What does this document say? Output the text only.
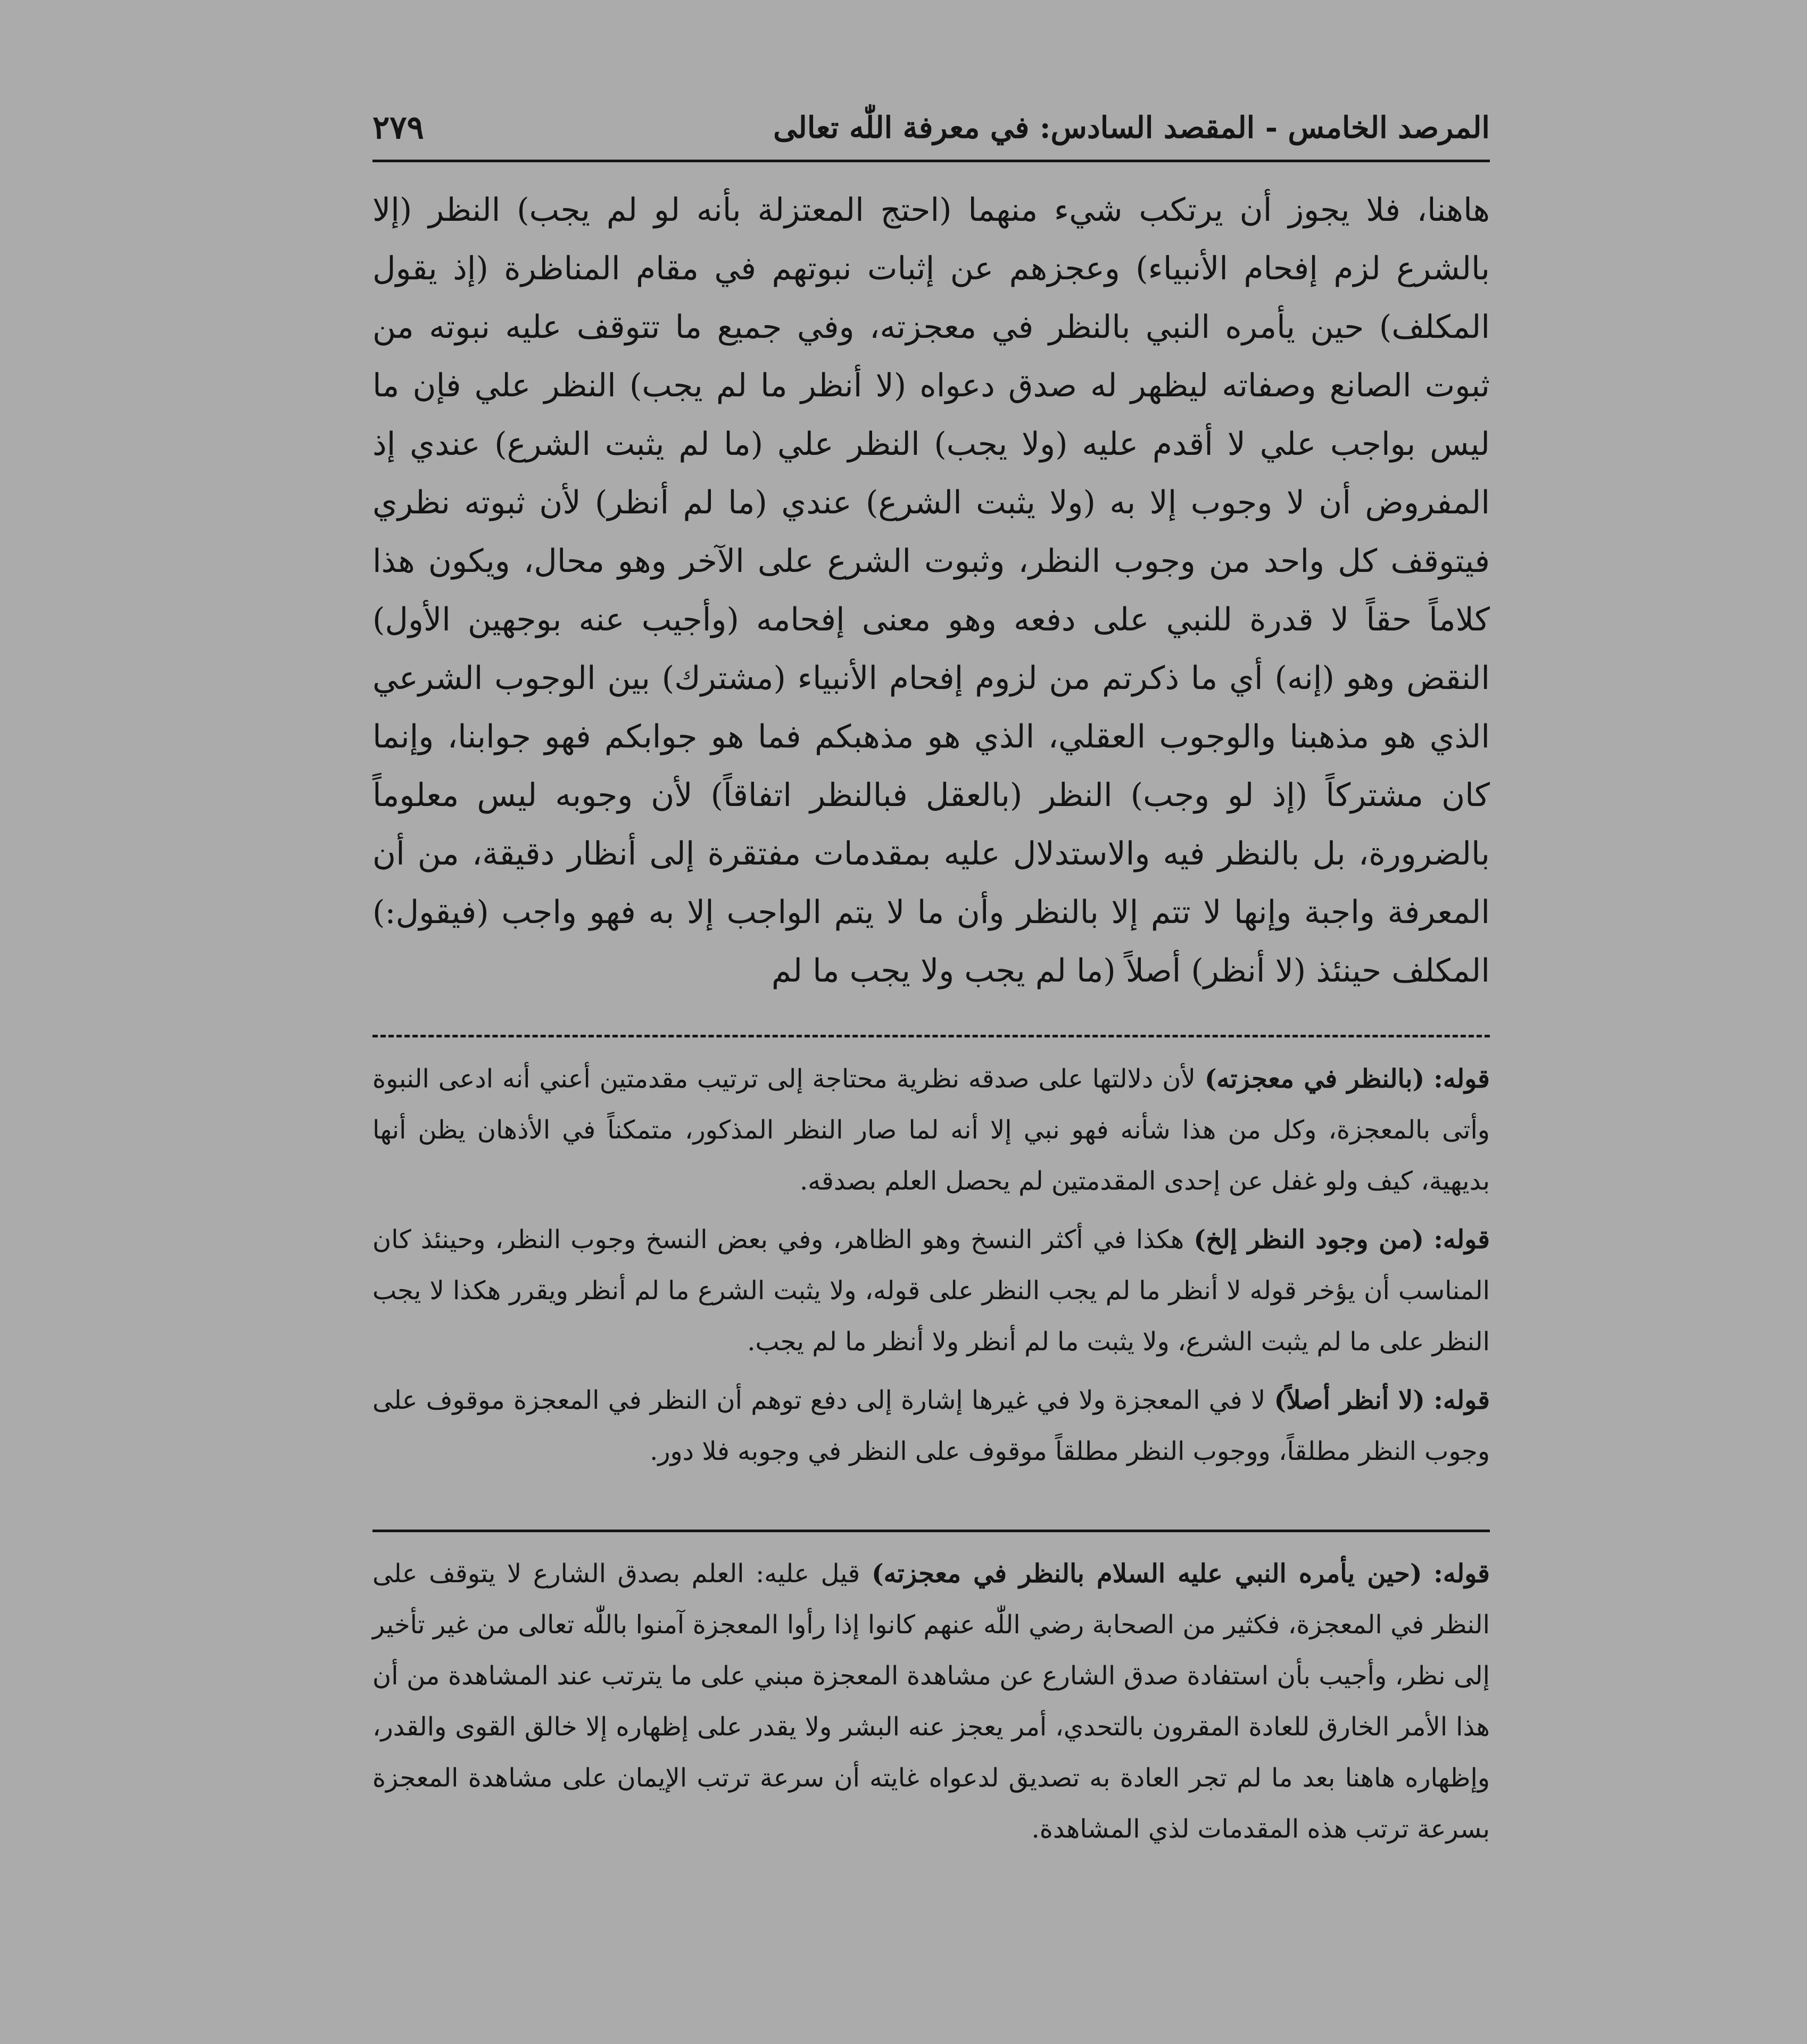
المرصد الخامس - المقصد السادس: في معرفة اللّٰه تعالى
٢٧٩

هاهنا، فلا يجوز أن يرتكب شيء منهما (احتج المعتزلة بأنه لو لم يجب) النظر (إلا بالشرع لزم إفحام الأنبياء) وعجزهم عن إثبات نبوتهم في مقام المناظرة (إذ يقول المكلف) حين يأمره النبي بالنظر في معجزته، وفي جميع ما تتوقف عليه نبوته من ثبوت الصانع وصفاته ليظهر له صدق دعواه (لا أنظر ما لم يجب) النظر علي فإن ما ليس بواجب علي لا أقدم عليه (ولا يجب) النظر علي (ما لم يثبت الشرع) عندي إذ المفروض أن لا وجوب إلا به (ولا يثبت الشرع) عندي (ما لم أنظر) لأن ثبوته نظري فيتوقف كل واحد من وجوب النظر، وثبوت الشرع على الآخر وهو محال، ويكون هذا كلاماً حقاً لا قدرة للنبي على دفعه وهو معنى إفحامه (وأجيب عنه بوجهين الأول) النقض وهو (إنه) أي ما ذكرتم من لزوم إفحام الأنبياء (مشترك) بين الوجوب الشرعي الذي هو مذهبنا والوجوب العقلي، الذي هو مذهبكم فما هو جوابكم فهو جوابنا، وإنما كان مشتركاً (إذ لو وجب) النظر (بالعقل فبالنظر اتفاقاً) لأن وجوبه ليس معلوماً بالضرورة، بل بالنظر فيه والاستدلال عليه بمقدمات مفتقرة إلى أنظار دقيقة، من أن المعرفة واجبة وإنها لا تتم إلا بالنظر وأن ما لا يتم الواجب إلا به فهو واجب (فيقول:) المكلف حينئذ (لا أنظر) أصلاً (ما لم يجب ولا يجب ما لم

قوله: (بالنظر في معجزته) لأن دلالتها على صدقه نظرية محتاجة إلى ترتيب مقدمتين أعني أنه ادعى النبوة وأتى بالمعجزة، وكل من هذا شأنه فهو نبي إلا أنه لما صار النظر المذكور، متمكناً في الأذهان يظن أنها بديهية، كيف ولو غفل عن إحدى المقدمتين لم يحصل العلم بصدقه.

قوله: (من وجود النظر إلخ) هكذا في أكثر النسخ وهو الظاهر، وفي بعض النسخ وجوب النظر، وحينئذ كان المناسب أن يؤخر قوله لا أنظر ما لم يجب النظر على قوله، ولا يثبت الشرع ما لم أنظر ويقرر هكذا لا يجب النظر على ما لم يثبت الشرع، ولا يثبت ما لم أنظر ولا أنظر ما لم يجب.

قوله: (لا أنظر أصلاً) لا في المعجزة ولا في غيرها إشارة إلى دفع توهم أن النظر في المعجزة موقوف على وجوب النظر مطلقاً، ووجوب النظر مطلقاً موقوف على النظر في وجوبه فلا دور.

قوله: (حين يأمره النبي عليه السلام بالنظر في معجزته) قيل عليه: العلم بصدق الشارع لا يتوقف على النظر في المعجزة، فكثير من الصحابة رضي اللّٰه عنهم كانوا إذا رأوا المعجزة آمنوا باللّٰه تعالى من غير تأخير إلى نظر، وأجيب بأن استفادة صدق الشارع عن مشاهدة المعجزة مبني على ما يترتب عند المشاهدة من أن هذا الأمر الخارق للعادة المقرون بالتحدي، أمر يعجز عنه البشر ولا يقدر على إظهاره إلا خالق القوى والقدر، وإظهاره هاهنا بعد ما لم تجر العادة به تصديق لدعواه غايته أن سرعة ترتب الإيمان على مشاهدة المعجزة بسرعة ترتب هذه المقدمات لذي المشاهدة.
